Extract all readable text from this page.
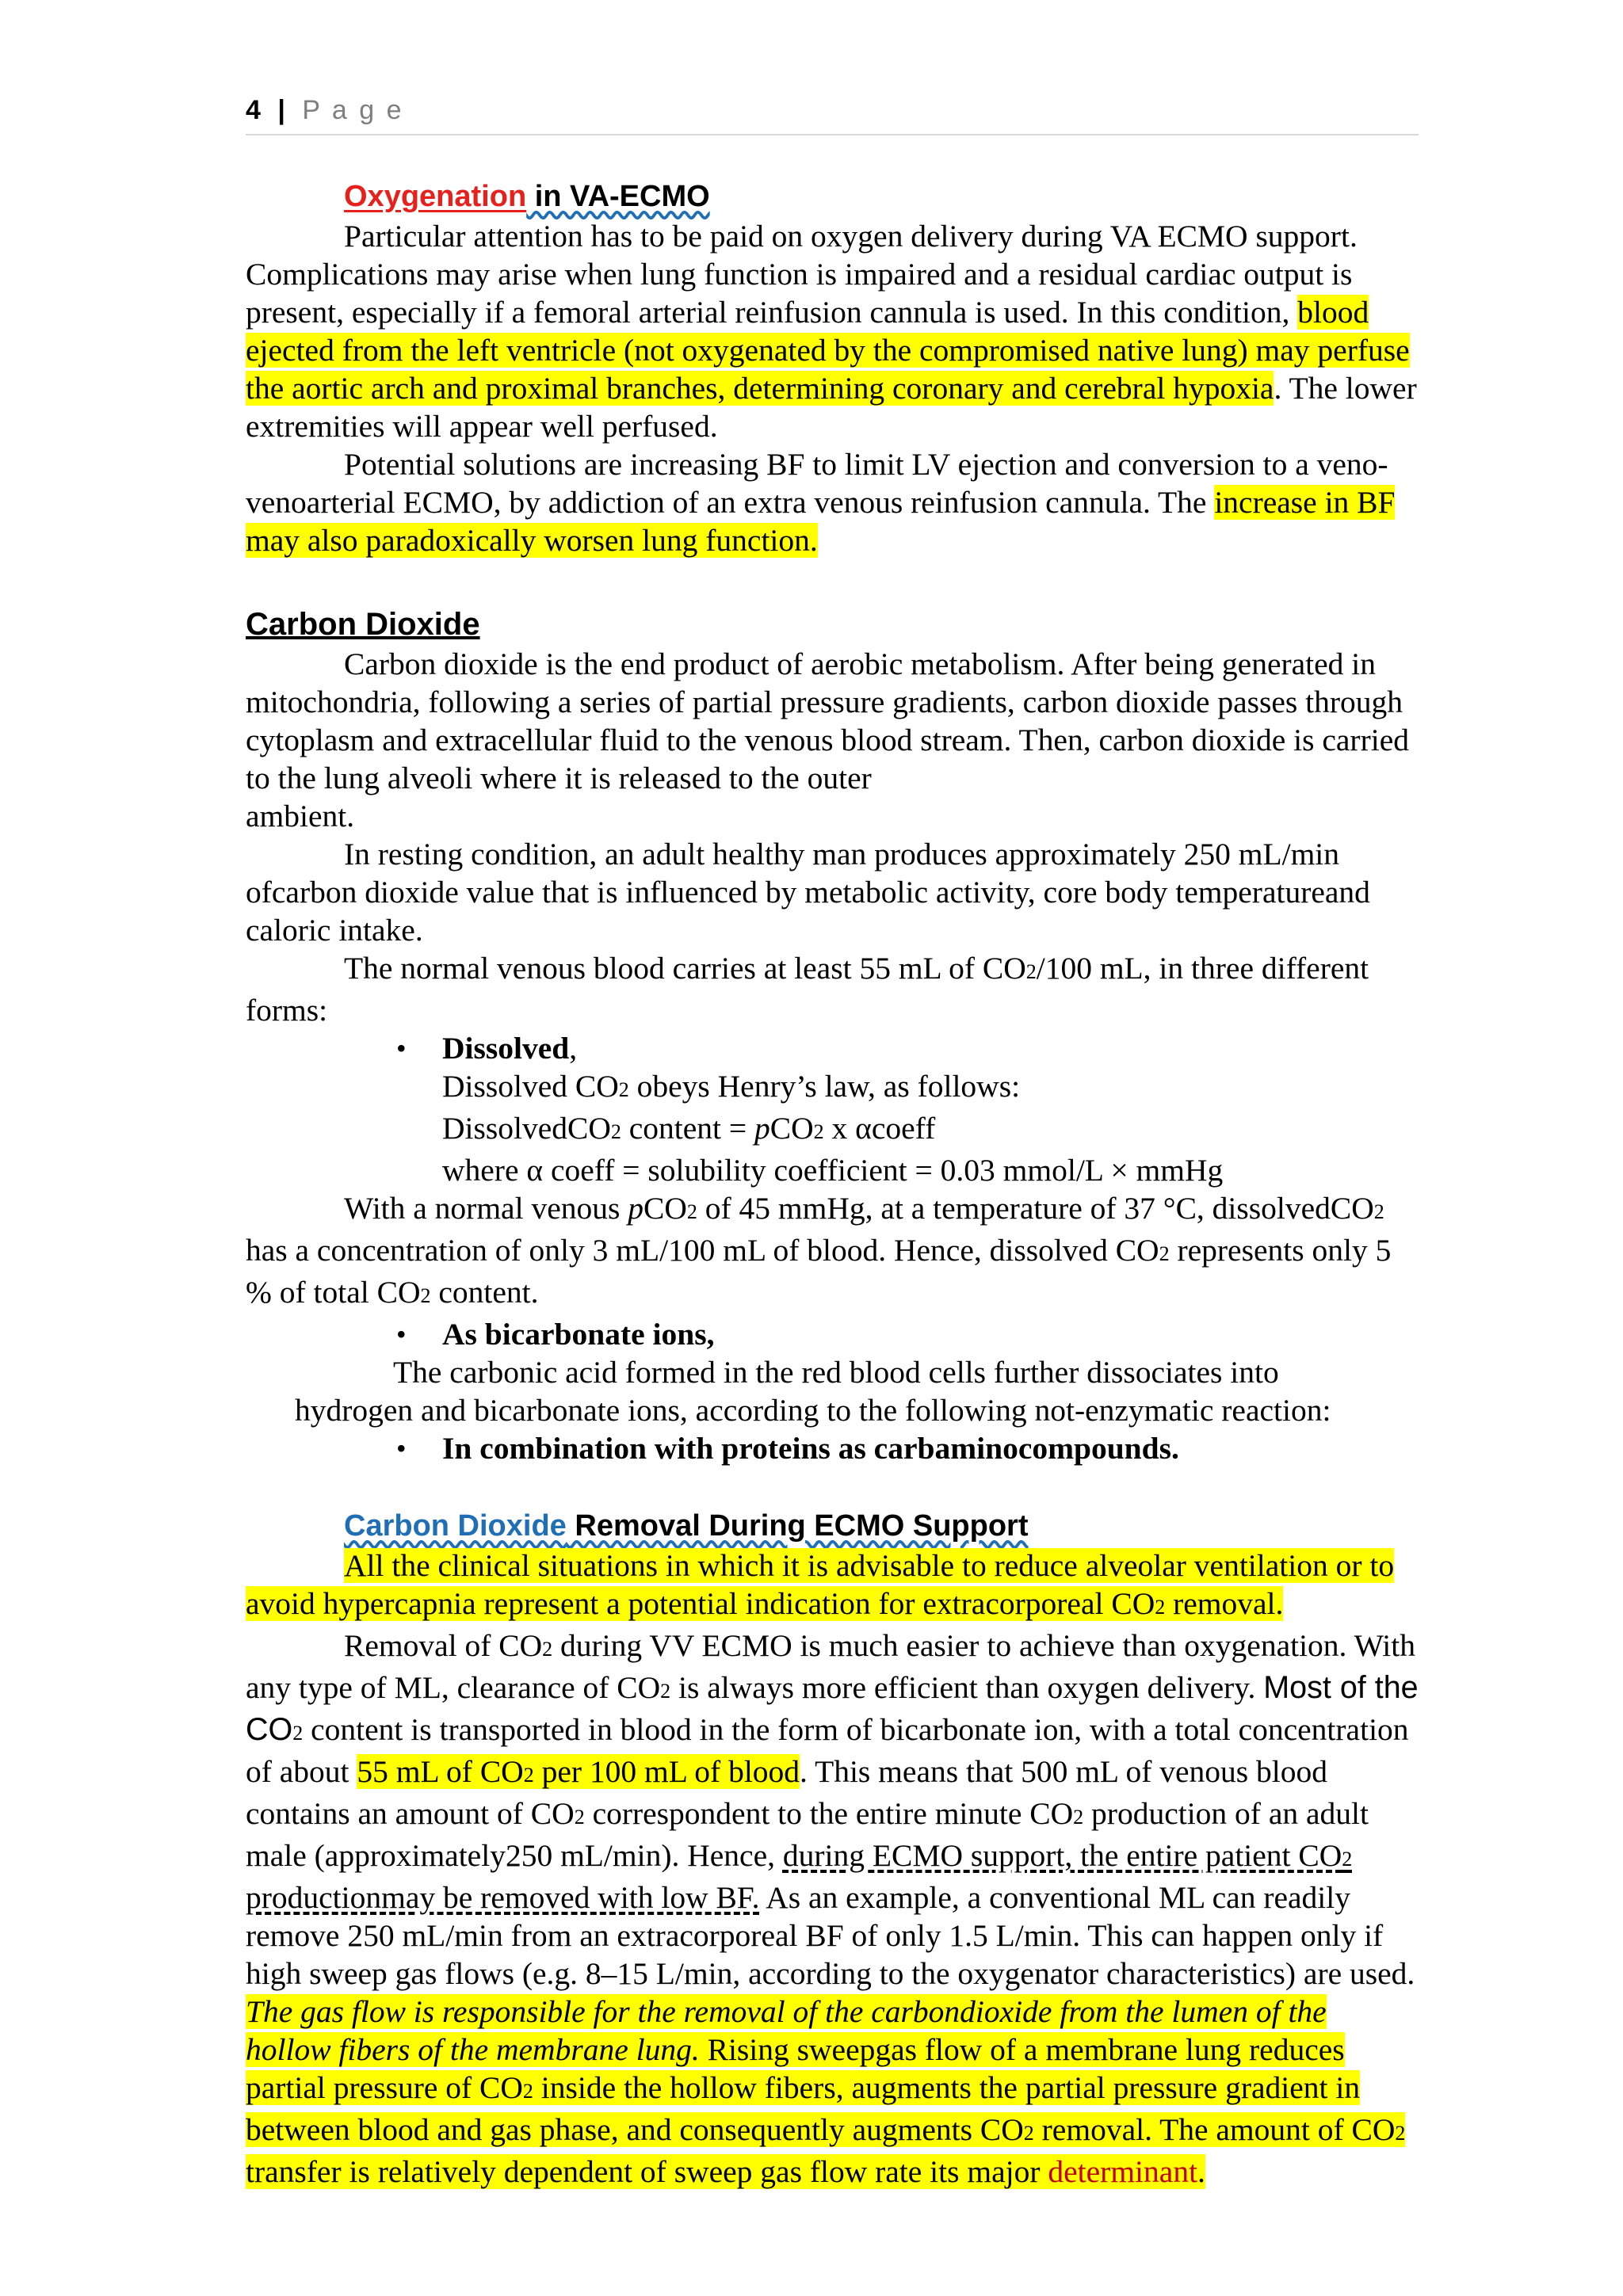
4 | P a g e
Oxygenation in VA-ECMO

Particular attention has to be paid on oxygen delivery during VA ECMO support. Complications may arise when lung function is impaired and a residual cardiac output is present, especially if a femoral arterial reinfusion cannula is used. In this condition, blood ejected from the left ventricle (not oxygenated by the compromised native lung) may perfuse the aortic arch and proximal branches, determining coronary and cerebral hypoxia. The lower extremities will appear well perfused.

Potential solutions are increasing BF to limit LV ejection and conversion to a veno-venoarterial ECMO, by addiction of an extra venous reinfusion cannula. The increase in BF may also paradoxically worsen lung function.

Carbon Dioxide

Carbon dioxide is the end product of aerobic metabolism. After being generated in mitochondria, following a series of partial pressure gradients, carbon dioxide passes through cytoplasm and extracellular fluid to the venous blood stream. Then, carbon dioxide is carried to the lung alveoli where it is released to the outer
ambient.

In resting condition, an adult healthy man produces approximately 250 mL/min ofcarbon dioxide value that is influenced by metabolic activity, core body temperatureand caloric intake.

The normal venous blood carries at least 55 mL of CO2/100 mL, in three different forms:

• Dissolved,

Dissolved CO2 obeys Henry’s law, as follows:

DissolvedCO2 content = pCO2 x αcoeff

where α coeff = solubility coefficient = 0.03 mmol/L × mmHg

With a normal venous pCO2 of 45 mmHg, at a temperature of 37 °C, dissolvedCO2 has a concentration of only 3 mL/100 mL of blood. Hence, dissolved CO2 represents only 5 % of total CO2 content.

• As bicarbonate ions,

The carbonic acid formed in the red blood cells further dissociates into

hydrogen and bicarbonate ions, according to the following not-enzymatic reaction:

• In combination with proteins as carbaminocompounds.
Carbon Dioxide Removal During ECMO Support

All the clinical situations in which it is advisable to reduce alveolar ventilation or to avoid hypercapnia represent a potential indication for extracorporeal CO2 removal.

Removal of CO2 during VV ECMO is much easier to achieve than oxygenation. With any type of ML, clearance of CO2 is always more efficient than oxygen delivery. Most of the CO2 content is transported in blood in the form of bicarbonate ion, with a total concentration of about 55 mL of CO2 per 100 mL of blood. This means that 500 mL of venous blood contains an amount of CO2 correspondent to the entire minute CO2 production of an adult male (approximately250 mL/min). Hence, during ECMO support, the entire patient CO2 productionmay be removed with low BF. As an example, a conventional ML can readily remove 250 mL/min from an extracorporeal BF of only 1.5 L/min. This can happen only if high sweep gas flows (e.g. 8–15 L/min, according to the oxygenator characteristics) are used. The gas flow is responsible for the removal of the carbondioxide from the lumen of the hollow fibers of the membrane lung. Rising sweepgas flow of a membrane lung reduces partial pressure of CO2 inside the hollow fibers, augments the partial pressure gradient in between blood and gas phase, and consequently augments CO2 removal. The amount of CO2 transfer is relatively dependent of sweep gas flow rate its major determinant.
